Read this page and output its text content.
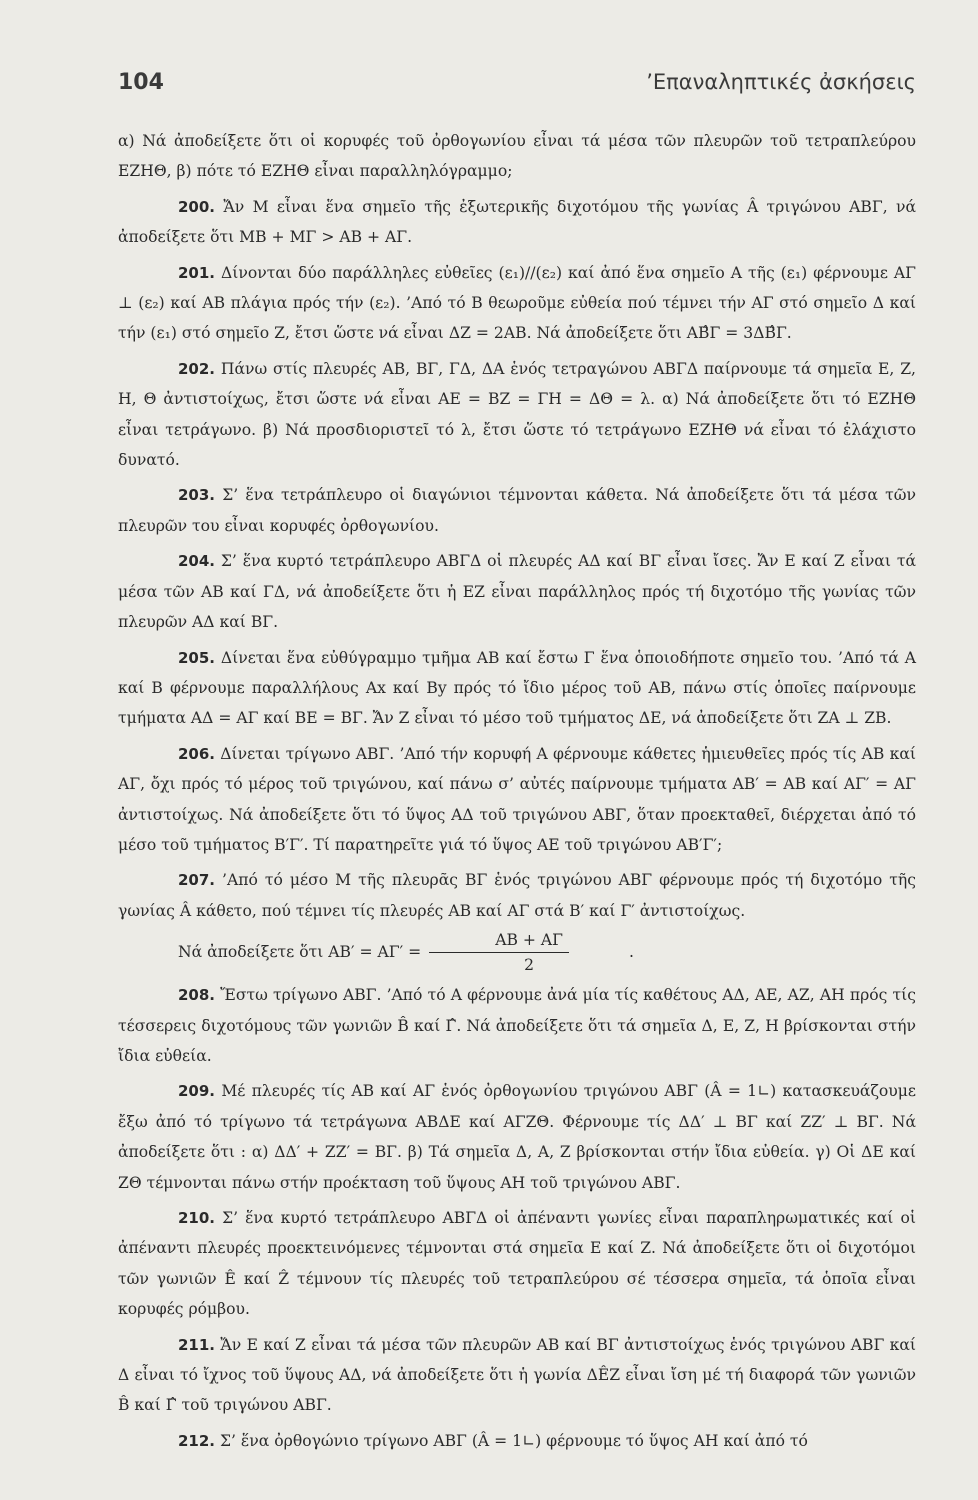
104	’Επαναληπτικές ἀσκήσεις

α) Νά ἀποδείξετε ὅτι οἱ κορυφές τοῦ ὀρθογωνίου εἶναι τά μέσα τῶν πλευρῶν τοῦ τετραπλεύρου ΕΖΗΘ, β) πότε τό ΕΖΗΘ εἶναι παραλληλόγραμμο;

200. Ἄν Μ εἶναι ἕνα σημεῖο τῆς ἐξωτερικῆς διχοτόμου τῆς γωνίας Â τριγώνου ΑΒΓ, νά ἀποδείξετε ὅτι ΜΒ + ΜΓ > ΑΒ + ΑΓ.

201. Δίνονται δύο παράλληλες εὐθεῖες (ε₁)//(ε₂) καί ἀπό ἕνα σημεῖο Α τῆς (ε₁) φέρνουμε ΑΓ ⊥ (ε₂) καί ΑΒ πλάγια πρός τήν (ε₂). ’Από τό Β θεωροῦμε εὐθεία πού τέμνει τήν ΑΓ στό σημεῖο Δ καί τήν (ε₁) στό σημεῖο Ζ, ἔτσι ὥστε νά εἶναι ΔΖ = 2ΑΒ. Νά ἀποδείξετε ὅτι ΑΒ̂Γ = 3ΔΒ̂Γ.

202. Πάνω στίς πλευρές ΑΒ, ΒΓ, ΓΔ, ΔΑ ἑνός τετραγώνου ΑΒΓΔ παίρνουμε τά σημεῖα Ε, Ζ, Η, Θ ἀντιστοίχως, ἔτσι ὥστε νά εἶναι ΑΕ = ΒΖ = ΓΗ = ΔΘ = λ. α) Νά ἀποδείξετε ὅτι τό ΕΖΗΘ εἶναι τετράγωνο. β) Νά προσδιοριστεῖ τό λ, ἔτσι ὥστε τό τετράγωνο ΕΖΗΘ νά εἶναι τό ἐλάχιστο δυνατό.

203. Σ’ ἕνα τετράπλευρο οἱ διαγώνιοι τέμνονται κάθετα. Νά ἀποδείξετε ὅτι τά μέσα τῶν πλευρῶν του εἶναι κορυφές ὀρθογωνίου.

204. Σ’ ἕνα κυρτό τετράπλευρο ΑΒΓΔ οἱ πλευρές ΑΔ καί ΒΓ εἶναι ἴσες. Ἄν Ε καί Ζ εἶναι τά μέσα τῶν ΑΒ καί ΓΔ, νά ἀποδείξετε ὅτι ἡ ΕΖ εἶναι παράλληλος πρός τή διχοτόμο τῆς γωνίας τῶν πλευρῶν ΑΔ καί ΒΓ.

205. Δίνεται ἕνα εὐθύγραμμο τμῆμα ΑΒ καί ἔστω Γ ἕνα ὁποιοδήποτε σημεῖο του. ’Από τά Α καί Β φέρνουμε παραλλήλους Αx καί By πρός τό ἴδιο μέρος τοῦ ΑΒ, πάνω στίς ὁποῖες παίρνουμε τμήματα ΑΔ = ΑΓ καί ΒΕ = ΒΓ. Ἄν Ζ εἶναι τό μέσο τοῦ τμήματος ΔΕ, νά ἀποδείξετε ὅτι ΖΑ ⊥ ΖΒ.

206. Δίνεται τρίγωνο ΑΒΓ. ’Από τήν κορυφή Α φέρνουμε κάθετες ἡμιευθεῖες πρός τίς ΑΒ καί ΑΓ, ὄχι πρός τό μέρος τοῦ τριγώνου, καί πάνω σ’ αὐτές παίρνουμε τμήματα ΑΒ′ = ΑΒ καί ΑΓ′ = ΑΓ ἀντιστοίχως. Νά ἀποδείξετε ὅτι τό ὕψος ΑΔ τοῦ τριγώνου ΑΒΓ, ὅταν προεκταθεῖ, διέρχεται ἀπό τό μέσο τοῦ τμήματος Β′Γ′. Τί παρατηρεῖτε γιά τό ὕψος ΑΕ τοῦ τριγώνου ΑΒ′Γ′;

207. ’Από τό μέσο Μ τῆς πλευρᾶς ΒΓ ἑνός τριγώνου ΑΒΓ φέρνουμε πρός τή διχοτόμο τῆς γωνίας Â κάθετο, πού τέμνει τίς πλευρές ΑΒ καί ΑΓ στά Β′ καί Γ′ ἀντιστοίχως.
Νά ἀποδείξετε ὅτι $AB' = A\Gamma' = \frac{AB + A\Gamma}{2}$	.

208. Ἔστω τρίγωνο ΑΒΓ. ’Από τό Α φέρνουμε ἀνά μία τίς καθέτους ΑΔ, ΑΕ, ΑΖ, ΑΗ πρός τίς τέσσερεις διχοτόμους τῶν γωνιῶν B̂ καί Γ̂. Νά ἀποδείξετε ὅτι τά σημεῖα Δ, Ε, Ζ, Η βρίσκονται στήν ἴδια εὐθεία.

209. Μέ πλευρές τίς ΑΒ καί ΑΓ ἑνός ὀρθογωνίου τριγώνου ΑΒΓ (Â = 1∟) κατασκευάζουμε ἔξω ἀπό τό τρίγωνο τά τετράγωνα ΑΒΔΕ καί ΑΓΖΘ. Φέρνουμε τίς ΔΔ′ ⊥ ΒΓ καί ΖΖ′ ⊥ ΒΓ. Νά ἀποδείξετε ὅτι : α) ΔΔ′ + ΖΖ′ = ΒΓ. β) Τά σημεῖα Δ, Α, Ζ βρίσκονται στήν ἴδια εὐθεία. γ) Οἱ ΔΕ καί ΖΘ τέμνονται πάνω στήν προέκταση τοῦ ὕψους ΑΗ τοῦ τριγώνου ΑΒΓ.

210. Σ’ ἕνα κυρτό τετράπλευρο ΑΒΓΔ οἱ ἀπέναντι γωνίες εἶναι παραπληρωματικές καί οἱ ἀπέναντι πλευρές προεκτεινόμενες τέμνονται στά σημεῖα Ε καί Ζ. Νά ἀποδείξετε ὅτι οἱ διχοτόμοι τῶν γωνιῶν Ê καί Ẑ τέμνουν τίς πλευρές τοῦ τετραπλεύρου σέ τέσσερα σημεῖα, τά ὁποῖα εἶναι κορυφές ρόμβου.

211. Ἄν Ε καί Ζ εἶναι τά μέσα τῶν πλευρῶν ΑΒ καί ΒΓ ἀντιστοίχως ἑνός τριγώνου ΑΒΓ καί Δ εἶναι τό ἴχνος τοῦ ὕψους ΑΔ, νά ἀποδείξετε ὅτι ἡ γωνία ΔÊΖ εἶναι ἴση μέ τή διαφορά τῶν γωνιῶν B̂ καί Γ̂ τοῦ τριγώνου ΑΒΓ.

212. Σ’ ἕνα ὀρθογώνιο τρίγωνο ΑΒΓ (Â = 1∟) φέρνουμε τό ὕψος ΑΗ καί ἀπό τό
